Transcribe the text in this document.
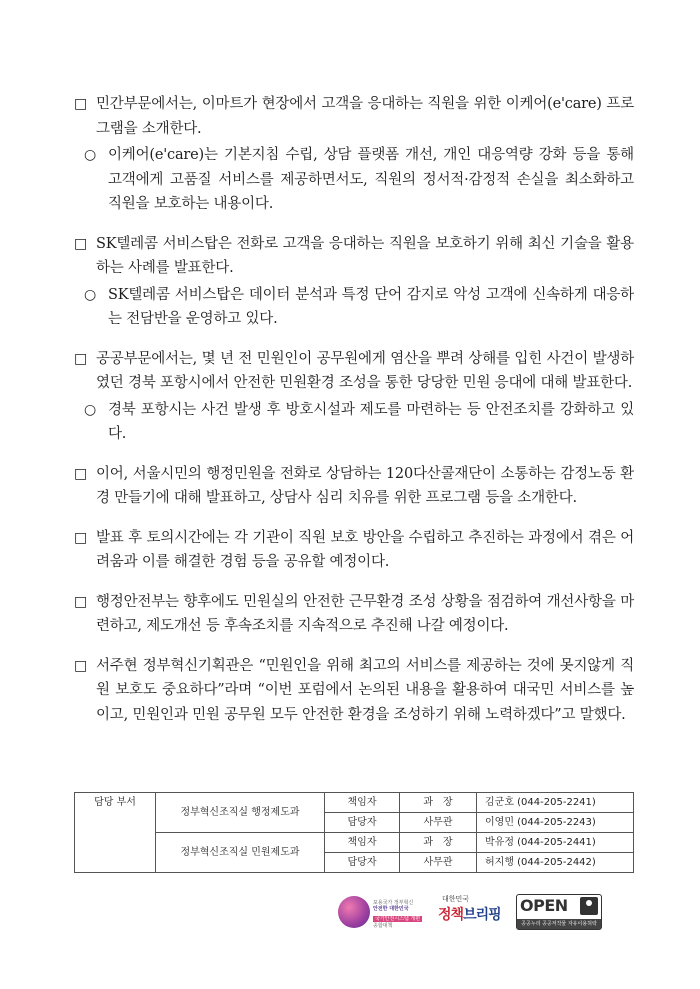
□ 민간부문에서는, 이마트가 현장에서 고객을 응대하는 직원을 위한 이케어(e'care) 프로그램을 소개한다.
○ 이케어(e'care)는 기본지침 수립, 상담 플랫폼 개선, 개인 대응역량 강화 등을 통해 고객에게 고품질 서비스를 제공하면서도, 직원의 정서적·감정적 손실을 최소화하고 직원을 보호하는 내용이다.
□ SK텔레콤 서비스탑은 전화로 고객을 응대하는 직원을 보호하기 위해 최신 기술을 활용하는 사례를 발표한다.
○ SK텔레콤 서비스탑은 데이터 분석과 특정 단어 감지로 악성 고객에 신속하게 대응하는 전담반을 운영하고 있다.
□ 공공부문에서는, 몇 년 전 민원인이 공무원에게 염산을 뿌려 상해를 입힌 사건이 발생하였던 경북 포항시에서 안전한 민원환경 조성을 통한 당당한 민원 응대에 대해 발표한다.
○ 경북 포항시는 사건 발생 후 방호시설과 제도를 마련하는 등 안전조치를 강화하고 있다.
□ 이어, 서울시민의 행정민원을 전화로 상담하는 120다산콜재단이 소통하는 감정노동 환경 만들기에 대해 발표하고, 상담사 심리 치유를 위한 프로그램 등을 소개한다.
□ 발표 후 토의시간에는 각 기관이 직원 보호 방안을 수립하고 추진하는 과정에서 겪은 어려움과 이를 해결한 경험 등을 공유할 예정이다.
□ 행정안전부는 향후에도 민원실의 안전한 근무환경 조성 상황을 점검하여 개선사항을 마련하고, 제도개선 등 후속조치를 지속적으로 추진해 나갈 예정이다.
□ 서주현 정부혁신기획관은 “민원인을 위해 최고의 서비스를 제공하는 것에 못지않게 직원 보호도 중요하다”라며 “이번 포럼에서 논의된 내용을 활용하여 대국민 서비스를 높이고, 민원인과 민원 공무원 모두 안전한 환경을 조성하기 위해 노력하겠다”고 말했다.
담당 부서	정부혁신조직실 행정제도과	책임자	과　장	김군호 (044-205-2241)
		담당자	사무관	이영민 (044-205-2243)
	정부혁신조직실 민원제도과	책임자	과　장	박유정 (044-205-2441)
		담당자	사무관	허지행 (044-205-2442)
포용국가 정부혁신
안전한 대한민국
국가안전시스템 개편
종합대책
대한민국
정책브리핑 OPEN
공공누리 공공저작물 자유이용허락
